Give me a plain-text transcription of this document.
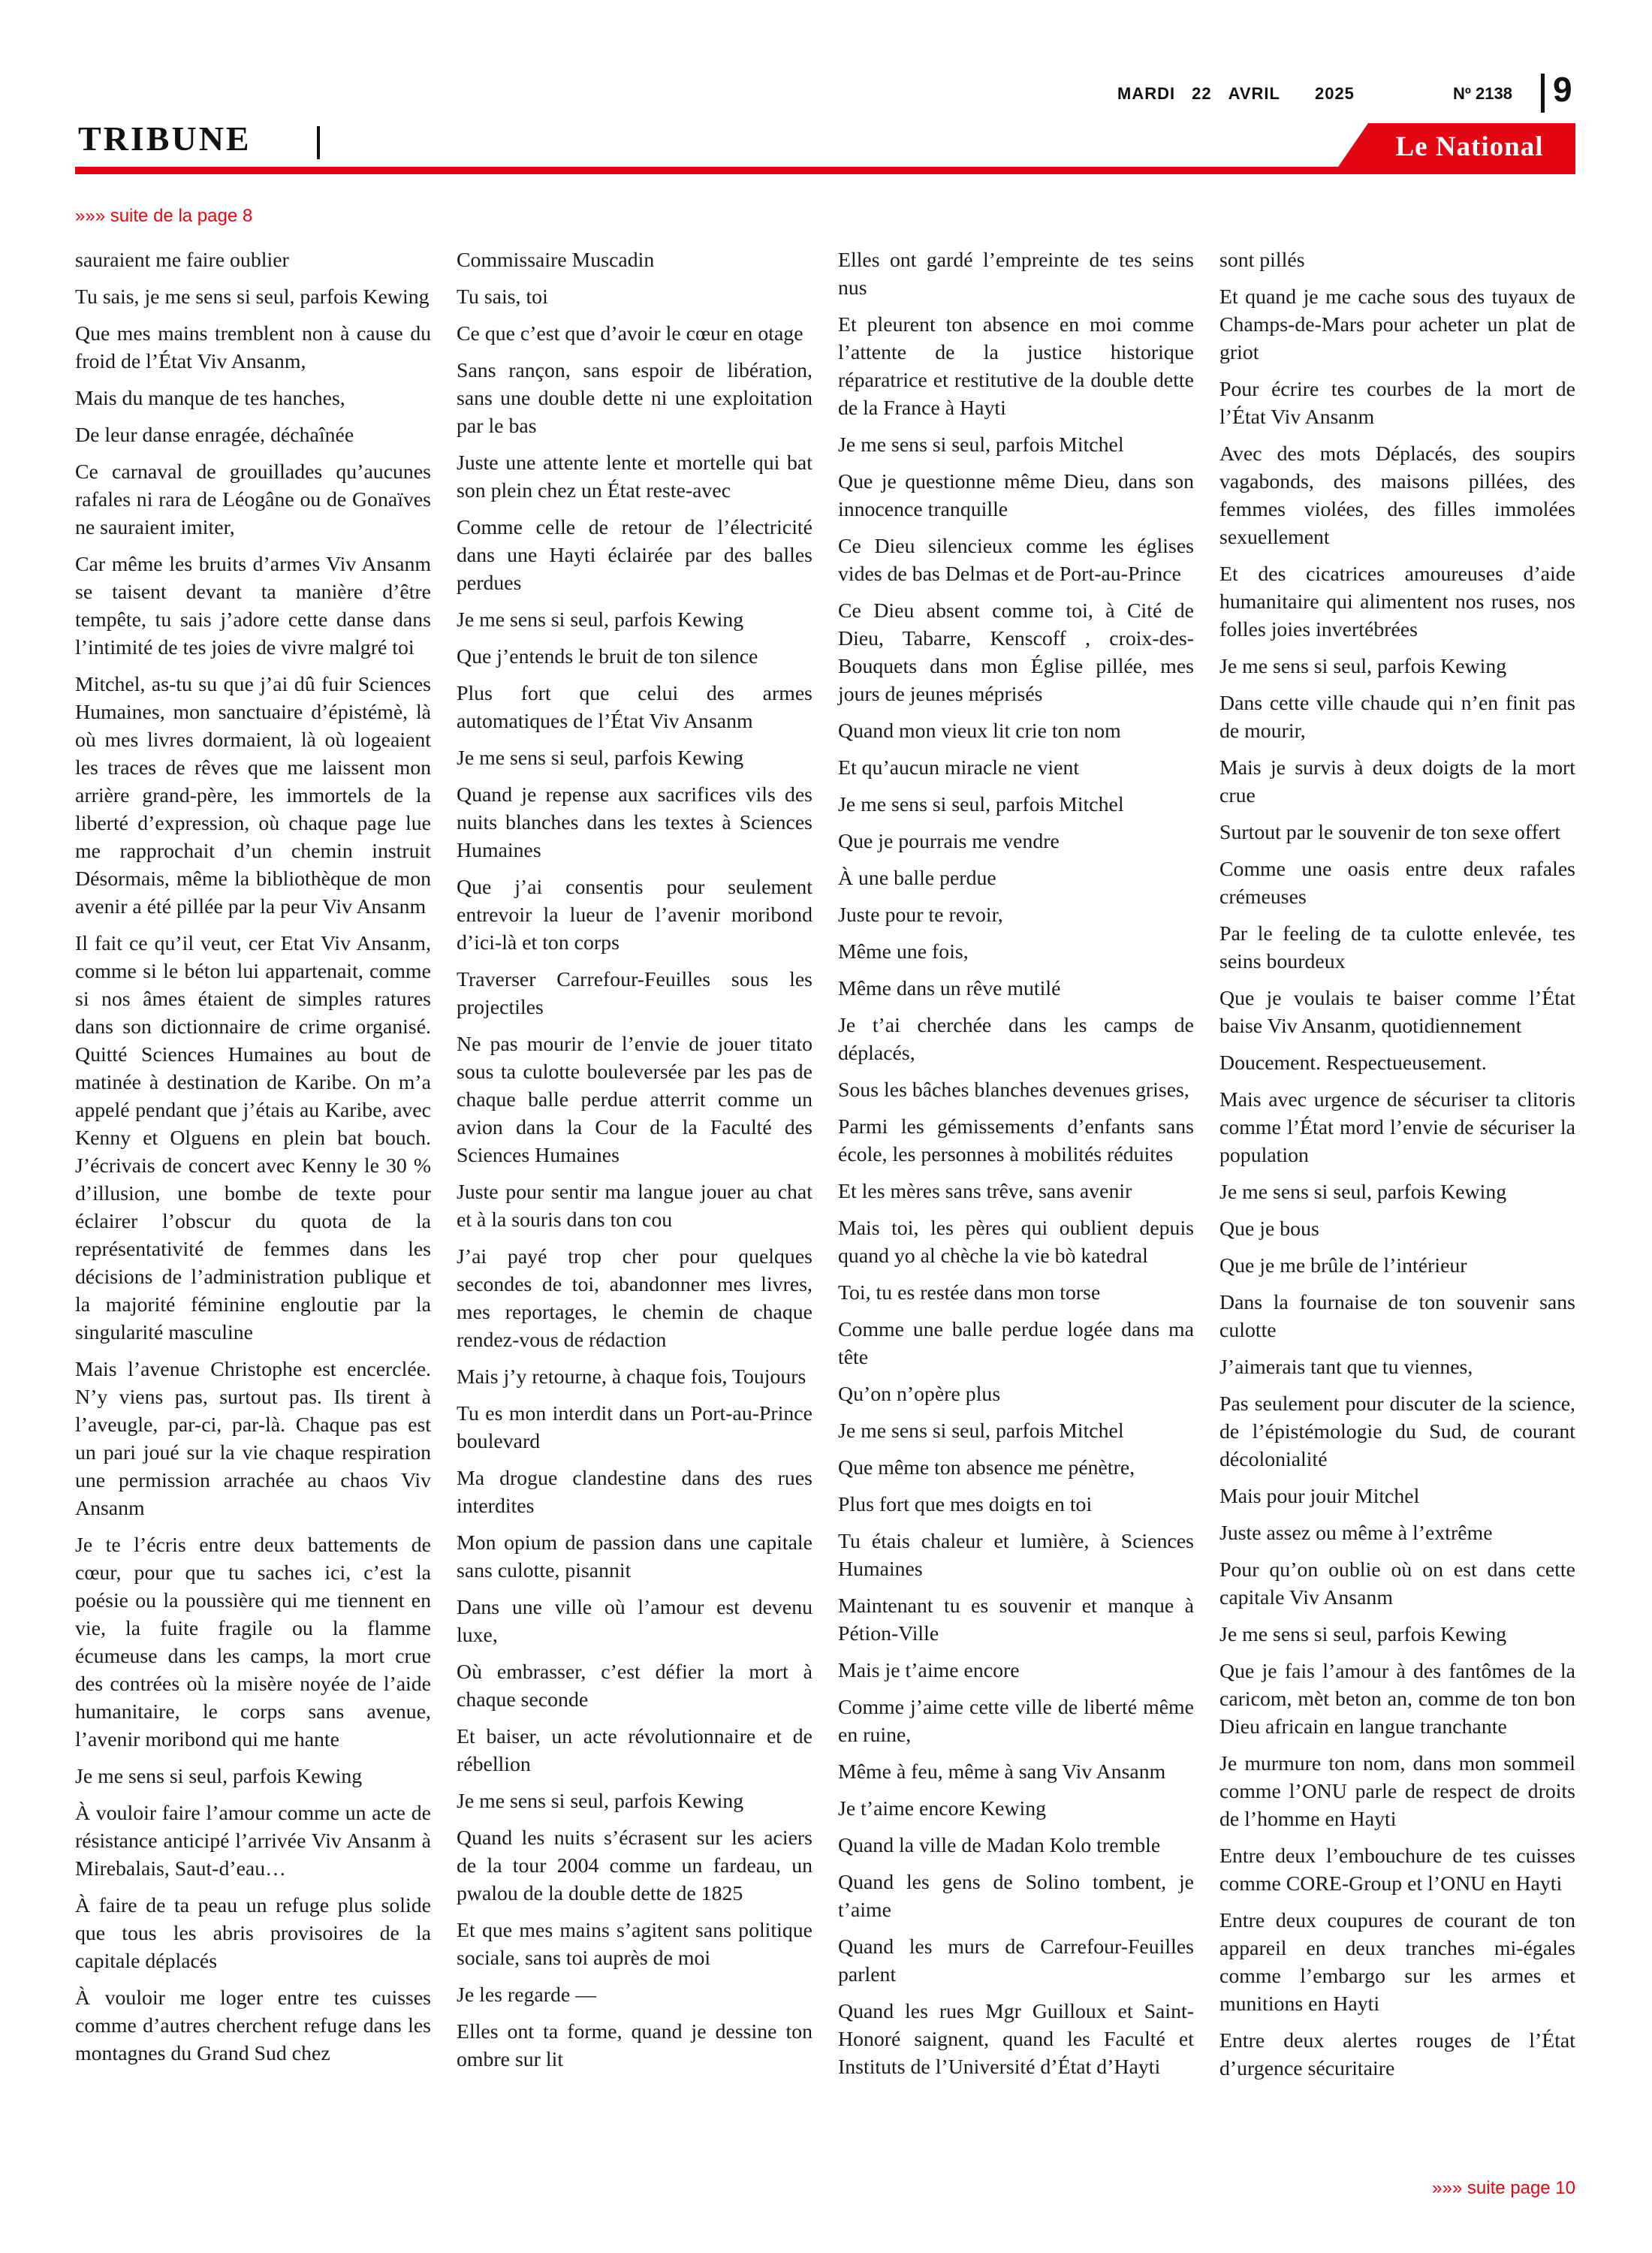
MARDI 22 AVRIL 2025	Nº 2138 9
TRIBUNE	Le National
»»» suite de la page 8

sauraient me faire oublier

Tu sais, je me sens si seul, parfois Kewing

Que mes mains tremblent non à cause du froid de l’État Viv Ansanm,

Mais du manque de tes hanches,

De leur danse enragée, déchaînée

Ce carnaval de grouillades qu’aucunes rafales ni rara de Léogâne ou de Gonaïves ne sauraient imiter,

Car même les bruits d’armes Viv Ansanm se taisent devant ta manière d’être tempête, tu sais j’adore cette danse dans l’intimité de tes joies de vivre malgré toi

Mitchel, as-tu su que j’ai dû fuir Sciences Humaines, mon sanctuaire d’épistémè, là où mes livres dormaient, là où logeaient les traces de rêves que me laissent mon arrière grand-père, les immortels de la liberté d’expression, où chaque page lue me rapprochait d’un chemin instruit Désormais, même la bibliothèque de mon avenir a été pillée par la peur Viv Ansanm

Il fait ce qu’il veut, cer Etat Viv Ansanm, comme si le béton lui appartenait, comme si nos âmes étaient de simples ratures dans son dictionnaire de crime organisé. Quitté Sciences Humaines au bout de matinée à destination de Karibe. On m’a appelé pendant que j’étais au Karibe, avec Kenny et Olguens en plein bat bouch. J’écrivais de concert avec Kenny le 30 % d’illusion, une bombe de texte pour éclairer l’obscur du quota de la représentativité de femmes dans les décisions de l’administration publique et la majorité féminine engloutie par la singularité masculine

Mais l’avenue Christophe est encerclée. N’y viens pas, surtout pas. Ils tirent à l’aveugle, par-ci, par-là. Chaque pas est un pari joué sur la vie chaque respiration une permission arrachée au chaos Viv Ansanm

Je te l’écris entre deux battements de cœur, pour que tu saches ici, c’est la poésie ou la poussière qui me tiennent en vie, la fuite fragile ou la flamme écumeuse dans les camps, la mort crue des contrées où la misère noyée de l’aide humanitaire, le corps sans avenue, l’avenir moribond qui me hante

Je me sens si seul, parfois Kewing

À vouloir faire l’amour comme un acte de résistance anticipé l’arrivée Viv Ansanm à Mirebalais, Saut-d’eau…

À faire de ta peau un refuge plus solide que tous les abris provisoires de la capitale déplacés

À vouloir me loger entre tes cuisses comme d’autres cherchent refuge dans les montagnes du Grand Sud chez

Commissaire Muscadin

Tu sais, toi

Ce que c’est que d’avoir le cœur en otage

Sans rançon, sans espoir de libération, sans une double dette ni une exploitation par le bas

Juste une attente lente et mortelle qui bat son plein chez un État reste-avec

Comme celle de retour de l’électricité dans une Hayti éclairée par des balles perdues

Je me sens si seul, parfois Kewing

Que j’entends le bruit de ton silence

Plus fort que celui des armes automatiques de l’État Viv Ansanm

Je me sens si seul, parfois Kewing

Quand je repense aux sacrifices vils des nuits blanches dans les textes à Sciences Humaines

Que j’ai consentis pour seulement entrevoir la lueur de l’avenir moribond d’ici-là et ton corps

Traverser Carrefour-Feuilles sous les projectiles

Ne pas mourir de l’envie de jouer titato sous ta culotte bouleversée par les pas de chaque balle perdue atterrit comme un avion dans la Cour de la Faculté des Sciences Humaines

Juste pour sentir ma langue jouer au chat et à la souris dans ton cou

J’ai payé trop cher pour quelques secondes de toi, abandonner mes livres, mes reportages, le chemin de chaque rendez-vous de rédaction

Mais j’y retourne, à chaque fois, Toujours

Tu es mon interdit dans un Port-au-Prince boulevard

Ma drogue clandestine dans des rues interdites

Mon opium de passion dans une capitale sans culotte, pisannit

Dans une ville où l’amour est devenu luxe,

Où embrasser, c’est défier la mort à chaque seconde

Et baiser, un acte révolutionnaire et de rébellion

Je me sens si seul, parfois Kewing

Quand les nuits s’écrasent sur les aciers de la tour 2004 comme un fardeau, un pwalou de la double dette de 1825

Et que mes mains s’agitent sans politique sociale, sans toi auprès de moi

Je les regarde —

Elles ont ta forme, quand je dessine ton ombre sur lit

Elles ont gardé l’empreinte de tes seins nus

Et pleurent ton absence en moi comme l’attente de la justice historique réparatrice et restitutive de la double dette de la France à Hayti

Je me sens si seul, parfois Mitchel

Que je questionne même Dieu, dans son innocence tranquille

Ce Dieu silencieux comme les églises vides de bas Delmas et de Port-au-Prince

Ce Dieu absent comme toi, à Cité de Dieu, Tabarre, Kenscoff , croix-des-Bouquets dans mon Église pillée, mes jours de jeunes méprisés

Quand mon vieux lit crie ton nom

Et qu’aucun miracle ne vient

Je me sens si seul, parfois Mitchel

Que je pourrais me vendre

À une balle perdue

Juste pour te revoir,

Même une fois,

Même dans un rêve mutilé

Je t’ai cherchée dans les camps de déplacés,

Sous les bâches blanches devenues grises,

Parmi les gémissements d’enfants sans école, les personnes à mobilités réduites

Et les mères sans trêve, sans avenir

Mais toi, les pères qui oublient depuis quand yo al chèche la vie bò katedral

Toi, tu es restée dans mon torse

Comme une balle perdue logée dans ma tête

Qu’on n’opère plus

Je me sens si seul, parfois Mitchel

Que même ton absence me pénètre,

Plus fort que mes doigts en toi

Tu étais chaleur et lumière, à Sciences Humaines

Maintenant tu es souvenir et manque à Pétion-Ville

Mais je t’aime encore

Comme j’aime cette ville de liberté même en ruine,

Même à feu, même à sang Viv Ansanm

Je t’aime encore Kewing

Quand la ville de Madan Kolo tremble

Quand les gens de Solino tombent, je t’aime

Quand les murs de Carrefour-Feuilles parlent

Quand les rues Mgr Guilloux et Saint-Honoré saignent, quand les Faculté et Instituts de l’Université d’État d’Hayti

sont pillés

Et quand je me cache sous des tuyaux de Champs-de-Mars pour acheter un plat de griot

Pour écrire tes courbes de la mort de l’État Viv Ansanm

Avec des mots Déplacés, des soupirs vagabonds, des maisons pillées, des femmes violées, des filles immolées sexuellement

Et des cicatrices amoureuses d’aide humanitaire qui alimentent nos ruses, nos folles joies invertébrées

Je me sens si seul, parfois Kewing

Dans cette ville chaude qui n’en finit pas de mourir,

Mais je survis à deux doigts de la mort crue

Surtout par le souvenir de ton sexe offert

Comme une oasis entre deux rafales crémeuses

Par le feeling de ta culotte enlevée, tes seins bourdeux

Que je voulais te baiser comme l’État baise Viv Ansanm, quotidiennement

Doucement. Respectueusement.

Mais avec urgence de sécuriser ta clitoris comme l’État mord l’envie de sécuriser la population

Je me sens si seul, parfois Kewing

Que je bous

Que je me brûle de l’intérieur

Dans la fournaise de ton souvenir sans culotte

J’aimerais tant que tu viennes,

Pas seulement pour discuter de la science, de l’épistémologie du Sud, de courant décolonialité

Mais pour jouir Mitchel

Juste assez ou même à l’extrême

Pour qu’on oublie où on est dans cette capitale Viv Ansanm

Je me sens si seul, parfois Kewing

Que je fais l’amour à des fantômes de la caricom, mèt beton an, comme de ton bon Dieu africain en langue tranchante

Je murmure ton nom, dans mon sommeil comme l’ONU parle de respect de droits de l’homme en Hayti

Entre deux l’embouchure de tes cuisses comme CORE-Group et l’ONU en Hayti

Entre deux coupures de courant de ton appareil en deux tranches mi-égales comme l’embargo sur les armes et munitions en Hayti

Entre deux alertes rouges de l’État d’urgence sécuritaire

»»» suite page 10
